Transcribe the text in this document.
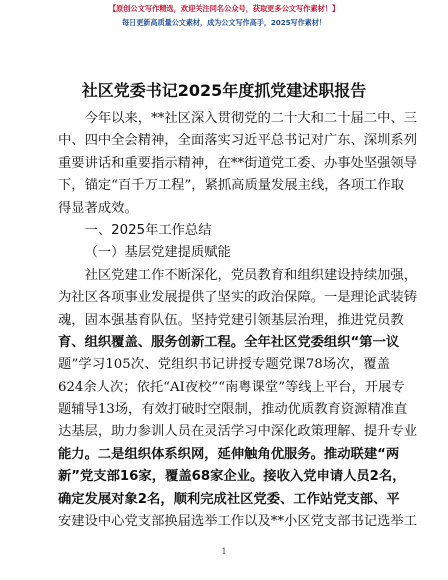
【原创公文写作精选，欢迎关注同名公众号，获取更多公文写作素材！】
每日更新高质量公文素材，成为公文写作高手，2025写作素材！
社区党委书记2025年度抓党建述职报告
今年以来，**社区深入贯彻党的二十大和二十届二中、三
中、四中全会精神，全面落实习近平总书记对广东、深圳系列
重要讲话和重要指示精神，在**街道党工委、办事处坚强领导
下，锚定“百千万工程”，紧抓高质量发展主线，各项工作取
得显著成效。
一、2025年工作总结
（一）基层党建提质赋能
社区党建工作不断深化，党员教育和组织建设持续加强，
为社区各项事业发展提供了坚实的政治保障。一是理论武装铸
魂，固本强基育队伍。坚持党建引领基层治理，推进党员教
育、组织覆盖、服务创新工程。全年社区党委组织“第一议
题”学习105次、党组织书记讲授专题党课78场次，覆盖
624余人次；依托“AI夜校”“南粤课堂”等线上平台，开展专
题辅导13场，有效打破时空限制，推动优质教育资源精准直
达基层，助力参训人员在灵活学习中深化政策理解、提升专业
能力。二是组织体系织网，延伸触角优服务。推动联建“两
新”党支部16家，覆盖68家企业。接收入党申请人员2名，
确定发展对象2名，顺利完成社区党委、工作站党支部、平
安建设中心党支部换届选举工作以及**小区党支部书记选举工
1
